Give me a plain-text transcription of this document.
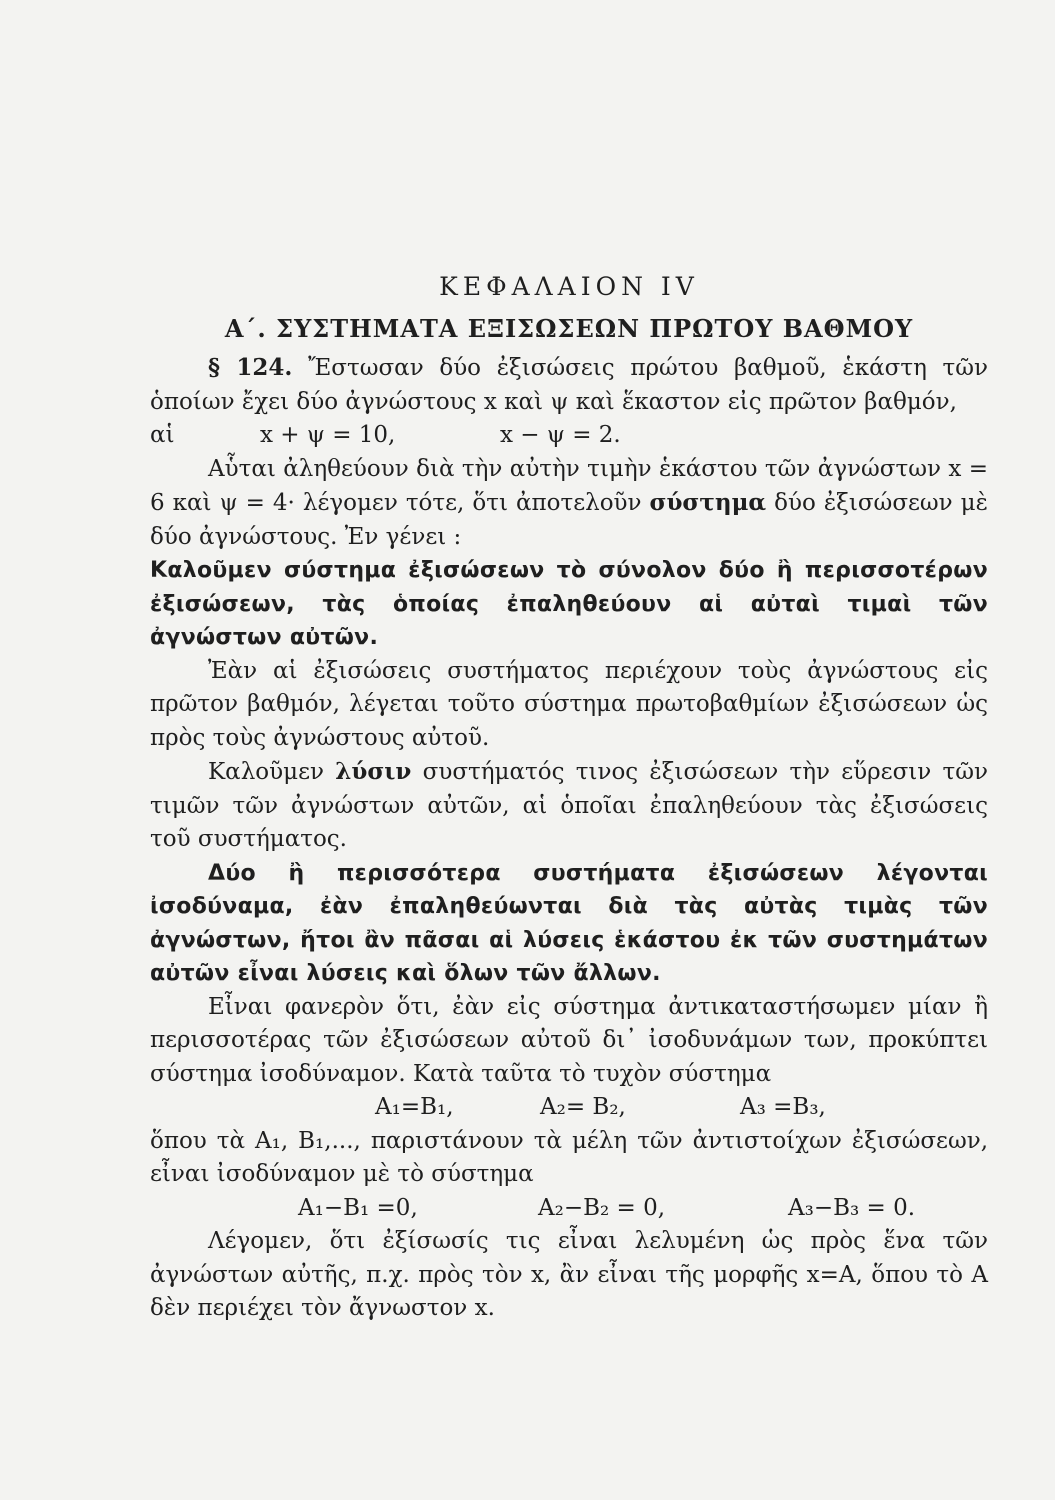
ΚΕΦΑΛΑΙΟΝ IV
Α΄. ΣΥΣΤΗΜΑΤΑ ΕΞΙΣΩΣΕΩΝ ΠΡΩΤΟΥ ΒΑΘΜΟΥ

§ 124. Ἔστωσαν δύο ἐξισώσεις πρώτου βαθμοῦ, ἑκάστη τῶν ὁποίων ἔχει δύο ἀγνώστους x καὶ ψ καὶ ἕκαστον εἰς πρῶτον βαθμόν,

αἱ	x + ψ = 10,	x − ψ = 2.

Αὗται ἀληθεύουν διὰ τὴν αὐτὴν τιμὴν ἑκάστου τῶν ἀγνώστων x = 6 καὶ ψ = 4· λέγομεν τότε, ὅτι ἀποτελοῦν σύστημα δύο ἐξισώσεων μὲ δύο ἀγνώστους. Ἐν γένει :

Καλοῦμεν σύστημα ἐξισώσεων τὸ σύνολον δύο ἢ περισσοτέρων ἐξισώσεων, τὰς ὁποίας ἐπαληθεύουν αἱ αὐταὶ τιμαὶ τῶν ἀγνώστων αὐτῶν.

Ἐὰν αἱ ἐξισώσεις συστήματος περιέχουν τοὺς ἀγνώστους εἰς πρῶτον βαθμόν, λέγεται τοῦτο σύστημα πρωτοβαθμίων ἐξισώσεων ὡς πρὸς τοὺς ἀγνώστους αὐτοῦ.

Καλοῦμεν λύσιν συστήματός τινος ἐξισώσεων τὴν εὕρεσιν τῶν τιμῶν τῶν ἀγνώστων αὐτῶν, αἱ ὁποῖαι ἐπαληθεύουν τὰς ἐξισώσεις τοῦ συστήματος.

Δύο ἢ περισσότερα συστήματα ἐξισώσεων λέγονται ἰσοδύναμα, ἐὰν ἐπαληθεύωνται διὰ τὰς αὐτὰς τιμὰς τῶν ἀγνώστων, ἤτοι ἂν πᾶσαι αἱ λύσεις ἑκάστου ἐκ τῶν συστημάτων αὐτῶν εἶναι λύσεις καὶ ὅλων τῶν ἄλλων.

Εἶναι φανερὸν ὅτι, ἐὰν εἰς σύστημα ἀντικαταστήσωμεν μίαν ἢ περισσοτέρας τῶν ἐξισώσεων αὐτοῦ δι᾽ ἰσοδυνάμων των, προκύπτει σύστημα ἰσοδύναμον. Κατὰ ταῦτα τὸ τυχὸν σύστημα

A₁=B₁,	A₂= B₂,	A₃ =B₃,

ὅπου τὰ A₁, B₁,..., παριστάνουν τὰ μέλη τῶν ἀντιστοίχων ἐξισώσεων, εἶναι ἰσοδύναμον μὲ τὸ σύστημα

A₁−B₁ =0,	A₂−B₂ = 0,	A₃−B₃ = 0.

Λέγομεν, ὅτι ἐξίσωσίς τις εἶναι λελυμένη ὡς πρὸς ἕνα τῶν ἀγνώστων αὐτῆς, π.χ. πρὸς τὸν x, ἂν εἶναι τῆς μορφῆς x=A, ὅπου τὸ A δὲν περιέχει τὸν ἄγνωστον x.
